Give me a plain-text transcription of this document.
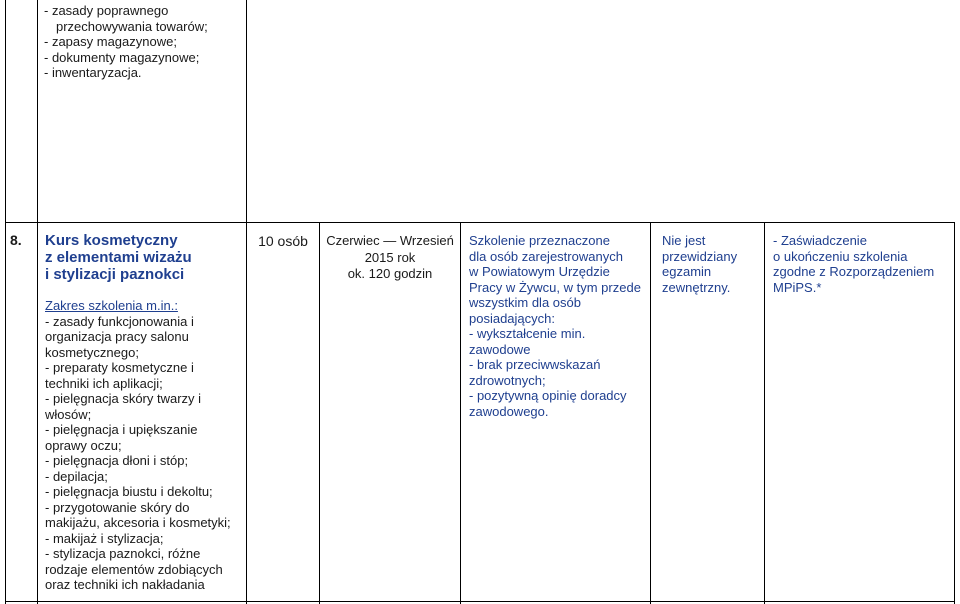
- zasady poprawnego
przechowywania towarów;
- zapasy magazynowe;
- dokumenty magazynowe;
- inwentaryzacja.
8. Kurs kosmetyczny
z elementami wizażu
i stylizacji paznokci
Zakres szkolenia m.in.:
- zasady funkcjonowania i
organizacja pracy salonu
kosmetycznego;
- preparaty kosmetyczne i
techniki ich aplikacji;
- pielęgnacja skóry twarzy i
włosów;
- pielęgnacja i upiększanie
oprawy oczu;
- pielęgnacja dłoni i stóp;
- depilacja;
- pielęgnacja biustu i dekoltu;
- przygotowanie skóry do
makijażu, akcesoria i kosmetyki;
- makijaż i stylizacja;
- stylizacja paznokci, różne
rodzaje elementów zdobiących
oraz techniki ich nakładania
10 osób	Czerwiec — Wrzesień
2015 rok
ok. 120 godzin
Szkolenie przeznaczone
dla osób zarejestrowanych
w Powiatowym Urzędzie
Pracy w Żywcu, w tym przede
wszystkim dla osób
posiadających:
- wykształcenie min.
zawodowe
- brak przeciwwskazań
zdrowotnych;
- pozytywną opinię doradcy
zawodowego.
Nie jest
przewidziany
egzamin
zewnętrzny.
- Zaświadczenie
o ukończeniu szkolenia
zgodne z Rozporządzeniem
MPiPS.*
